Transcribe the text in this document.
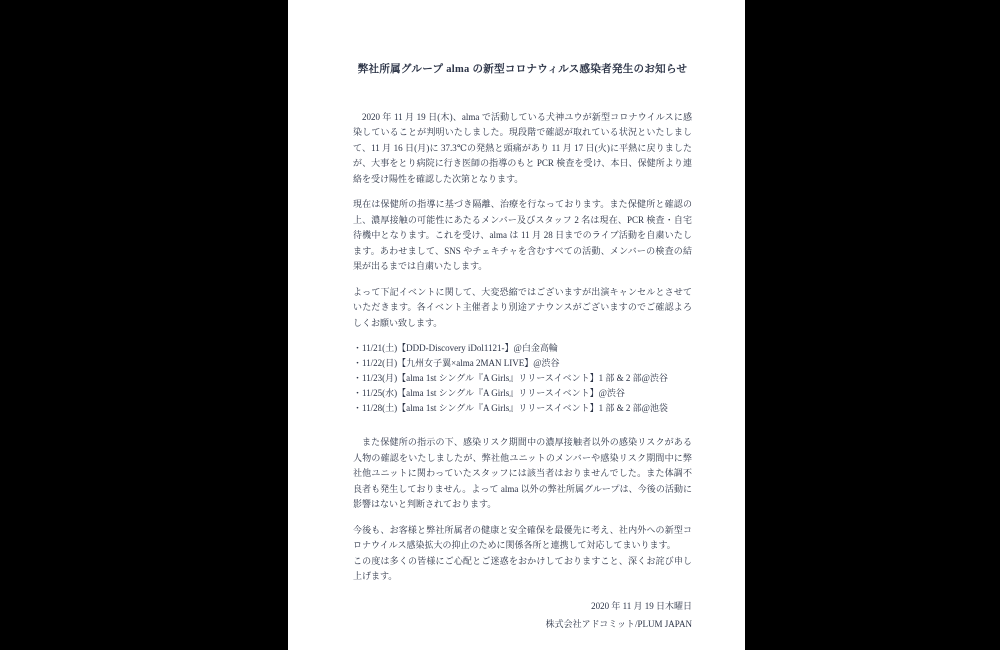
弊社所属グループ alma の新型コロナウィルス感染者発生のお知らせ
2020 年 11 月 19 日(木)、alma で活動している犬神ユウが新型コロナウイルスに感染していることが判明いたしました。現段階で確認が取れている状況といたしまして、11 月 16 日(月)に 37.3℃の発熱と頭痛があり 11 月 17 日(火)に平熱に戻りましたが、大事をとり病院に行き医師の指導のもと PCR 検査を受け、本日、保健所より連絡を受け陽性を確認した次第となります。
現在は保健所の指導に基づき隔離、治療を行なっております。また保健所と確認の上、濃厚接触の可能性にあたるメンバー及びスタッフ 2 名は現在、PCR 検査・自宅待機中となります。これを受け、alma は 11 月 28 日までのライブ活動を自粛いたします。あわせまして、SNS やチェキチャを含むすべての活動、メンバーの検査の結果が出るまでは自粛いたします。
よって下記イベントに関して、大変恐縮ではございますが出演キャンセルとさせていただきます。各イベント主催者より別途アナウンスがございますのでご確認よろしくお願い致します。
・11/21(土)【DDD-Discovery iDol1121-】@白金高輪
・11/22(日)【九州女子翼×alma 2MAN LIVE】@渋谷
・11/23(月)【alma 1st シングル『A Girls』リリースイベント】1 部 & 2 部@渋谷
・11/25(水)【alma 1st シングル『A Girls』リリースイベント】@渋谷
・11/28(土)【alma 1st シングル『A Girls』リリースイベント】1 部 & 2 部@池袋
また保健所の指示の下、感染リスク期間中の濃厚接触者以外の感染リスクがある人物の確認をいたしましたが、弊社他ユニットのメンバーや感染リスク期間中に弊社他ユニットに関わっていたスタッフには該当者はおりませんでした。また体調不良者も発生しておりません。よって alma 以外の弊社所属グループは、今後の活動に影響はないと判断されております。
今後も、お客様と弊社所属者の健康と安全確保を最優先に考え、社内外への新型コロナウイルス感染拡大の抑止のために関係各所と連携して対応してまいります。
この度は多くの皆様にご心配とご迷惑をおかけしておりますこと、深くお詫び申し上げます。
2020 年 11 月 19 日木曜日
株式会社アドコミット/PLUM JAPAN
